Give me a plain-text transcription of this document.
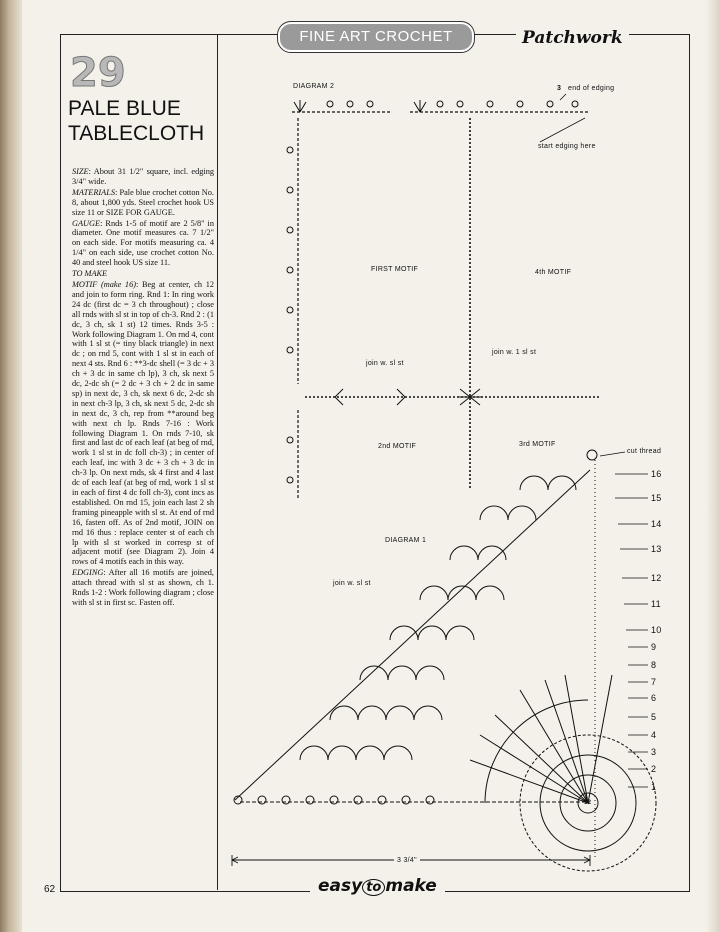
FINE ART CROCHET	Patchwork
29
PALE BLUE
TABLECLOTH

SIZE: About 31 1/2" square, incl. edging 3/4" wide.

MATERIALS: Pale blue crochet cotton No. 8, about 1,800 yds. Steel crochet hook US size 11 or SIZE FOR GAUGE.

GAUGE: Rnds 1-5 of motif are 2 5/8" in diameter. One motif measures ca. 7 1/2" on each side. For motifs measuring ca. 4 1/4" on each side, use crochet cotton No. 40 and steel hook US size 11.

TO MAKE

MOTIF (make 16): Beg at center, ch 12 and join to form ring. Rnd 1: In ring work 24 dc (first dc = 3 ch throughout) ; close all rnds with sl st in top of ch-3. Rnd 2 : (1 dc, 3 ch, sk 1 st) 12 times. Rnds 3-5 : Work following Diagram 1. On rnd 4, cont with 1 sl st (= tiny black triangle) in next dc ; on rnd 5, cont with 1 sl st in each of next 4 sts. Rnd 6 : **3-dc shell (= 3 dc + 3 ch + 3 dc in same ch lp), 3 ch, sk next 5 dc, 2-dc sh (= 2 dc + 3 ch + 2 dc in same sp) in next dc, 3 ch, sk next 6 dc, 2-dc sh in next ch-3 lp, 3 ch, sk next 5 dc, 2-dc sh in next dc, 3 ch, rep from **around beg with next ch lp. Rnds 7-16 : Work following Diagram 1. On rnds 7-10, sk first and last dc of each leaf (at beg of rnd, work 1 sl st in dc foll ch-3) ; in center of each leaf, inc with 3 dc + 3 ch + 3 dc in ch-3 lp. On next rnds, sk 4 first and 4 last dc of each leaf (at beg of rnd, work 1 sl st in each of first 4 dc foll ch-3), cont incs as established. On rnd 15, join each last 2 sh framing pineapple with sl st. At end of rnd 16, fasten off. As of 2nd motif, JOIN on rnd 16 thus : replace center st of each ch lp with sl st worked in corresp st of adjacent motif (see Diagram 2). Join 4 rows of 4 motifs each in this way.

EDGING: After all 16 motifs are joined, attach thread with sl st as shown, ch 1. Rnds 1-2 : Work following diagram ; close with sl st in first sc. Fasten off.

DIAGRAM 2	3 end of edging
start edging here
FIRST MOTIF	4th MOTIF
join w. sl st
join w. 1 sl st
2nd MOTIF	3rd MOTIF
DIAGRAM 1
cut thread
join w. sl st
12
3 3/4"
16
15
14
13
12
11
10
9
8
7
6
5
4
3
2
1
62	easy to make
